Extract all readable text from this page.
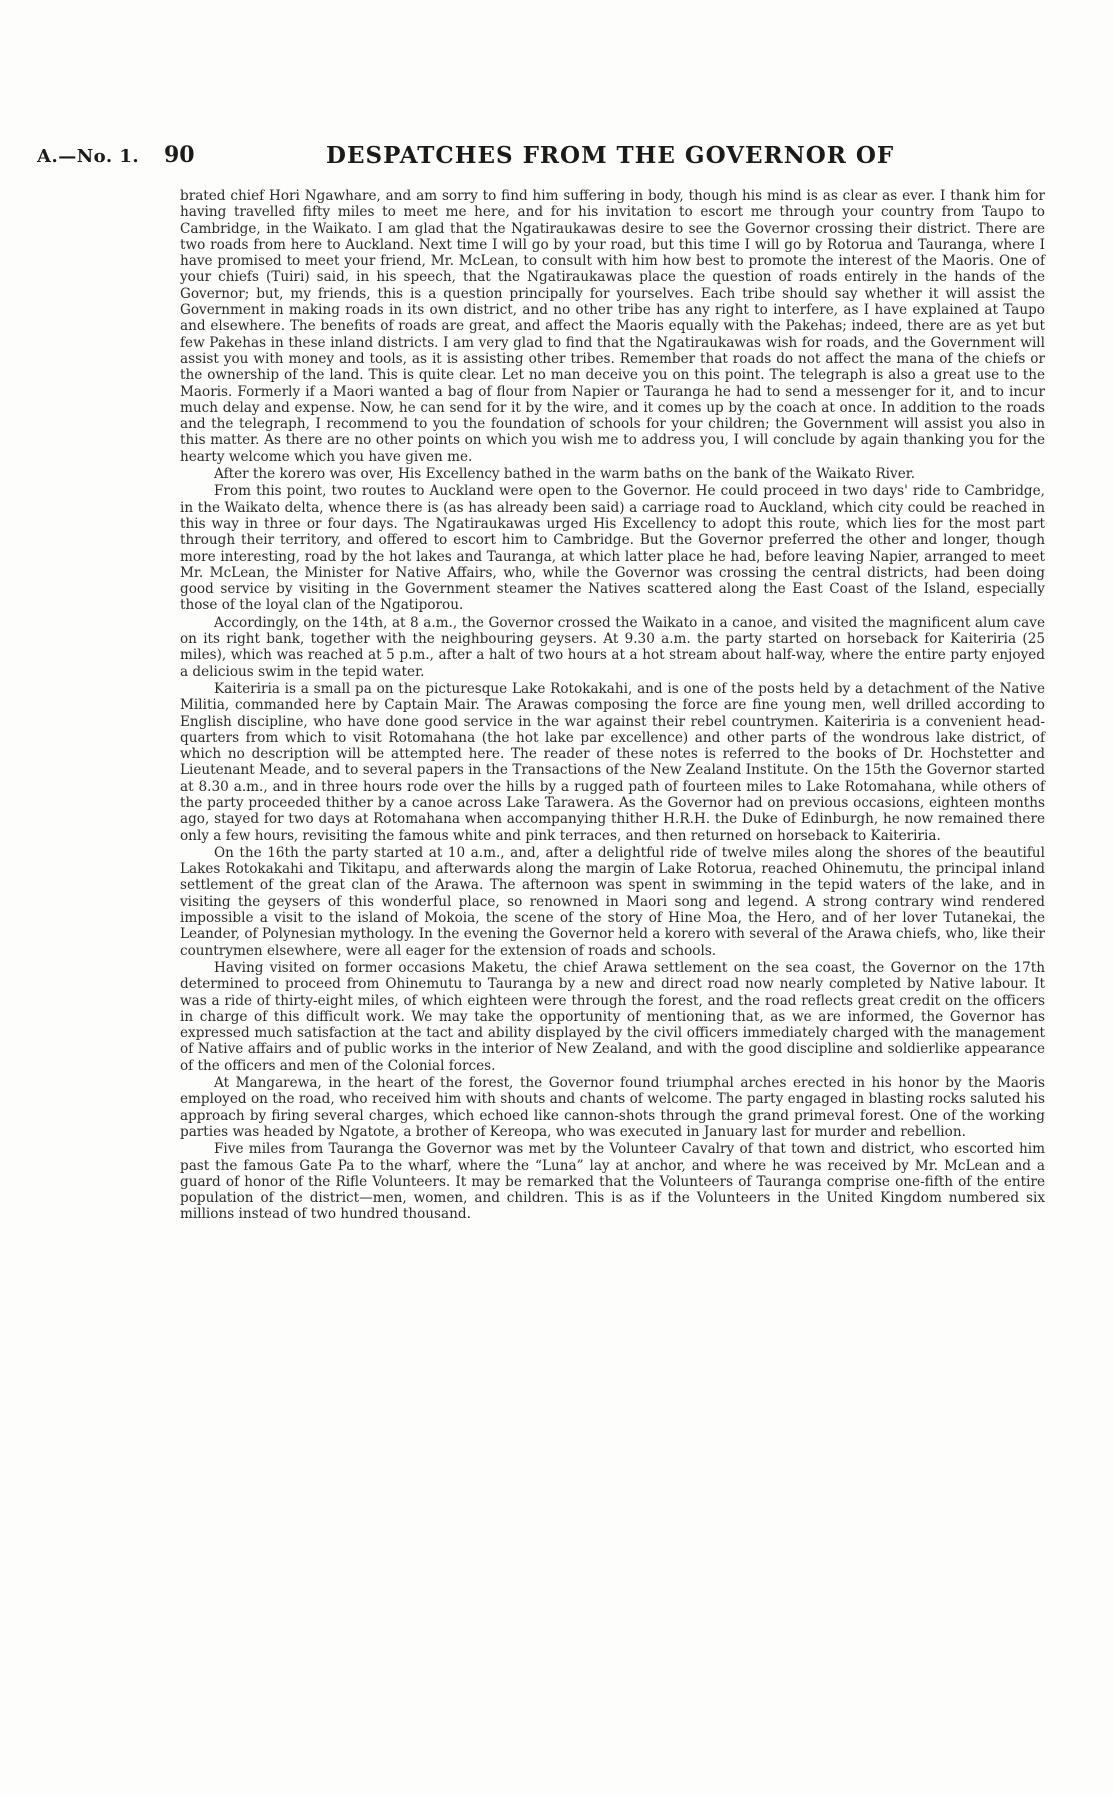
A.—No. 1. 90	DESPATCHES FROM THE GOVERNOR OF

brated chief Hori Ngawhare, and am sorry to find him suffering in body, though his mind is as clear as ever. I thank him for having travelled fifty miles to meet me here, and for his invitation to escort me through your country from Taupo to Cambridge, in the Waikato. I am glad that the Ngatiraukawas desire to see the Governor crossing their district. There are two roads from here to Auckland. Next time I will go by your road, but this time I will go by Rotorua and Tauranga, where I have promised to meet your friend, Mr. McLean, to consult with him how best to promote the interest of the Maoris. One of your chiefs (Tuiri) said, in his speech, that the Ngatiraukawas place the question of roads entirely in the hands of the Governor; but, my friends, this is a question principally for yourselves. Each tribe should say whether it will assist the Government in making roads in its own district, and no other tribe has any right to interfere, as I have explained at Taupo and elsewhere. The benefits of roads are great, and affect the Maoris equally with the Pakehas; indeed, there are as yet but few Pakehas in these inland districts. I am very glad to find that the Ngatiraukawas wish for roads, and the Government will assist you with money and tools, as it is assisting other tribes. Remember that roads do not affect the mana of the chiefs or the ownership of the land. This is quite clear. Let no man deceive you on this point. The telegraph is also a great use to the Maoris. Formerly if a Maori wanted a bag of flour from Napier or Tauranga he had to send a messenger for it, and to incur much delay and expense. Now, he can send for it by the wire, and it comes up by the coach at once. In addition to the roads and the telegraph, I recommend to you the foundation of schools for your children; the Government will assist you also in this matter. As there are no other points on which you wish me to address you, I will conclude by again thanking you for the hearty welcome which you have given me.

After the korero was over, His Excellency bathed in the warm baths on the bank of the Waikato River.

From this point, two routes to Auckland were open to the Governor. He could proceed in two days' ride to Cambridge, in the Waikato delta, whence there is (as has already been said) a carriage road to Auckland, which city could be reached in this way in three or four days. The Ngatiraukawas urged His Excellency to adopt this route, which lies for the most part through their territory, and offered to escort him to Cambridge. But the Governor preferred the other and longer, though more interesting, road by the hot lakes and Tauranga, at which latter place he had, before leaving Napier, arranged to meet Mr. McLean, the Minister for Native Affairs, who, while the Governor was crossing the central districts, had been doing good service by visiting in the Government steamer the Natives scattered along the East Coast of the Island, especially those of the loyal clan of the Ngatiporou.

Accordingly, on the 14th, at 8 a.m., the Governor crossed the Waikato in a canoe, and visited the magnificent alum cave on its right bank, together with the neighbouring geysers. At 9.30 a.m. the party started on horseback for Kaiteriria (25 miles), which was reached at 5 p.m., after a halt of two hours at a hot stream about half-way, where the entire party enjoyed a delicious swim in the tepid water.

Kaiteriria is a small pa on the picturesque Lake Rotokakahi, and is one of the posts held by a detachment of the Native Militia, commanded here by Captain Mair. The Arawas composing the force are fine young men, well drilled according to English discipline, who have done good service in the war against their rebel countrymen. Kaiteriria is a convenient head-quarters from which to visit Rotomahana (the hot lake par excellence) and other parts of the wondrous lake district, of which no description will be attempted here. The reader of these notes is referred to the books of Dr. Hochstetter and Lieutenant Meade, and to several papers in the Transactions of the New Zealand Institute. On the 15th the Governor started at 8.30 a.m., and in three hours rode over the hills by a rugged path of fourteen miles to Lake Rotomahana, while others of the party proceeded thither by a canoe across Lake Tarawera. As the Governor had on previous occasions, eighteen months ago, stayed for two days at Rotomahana when accompanying thither H.R.H. the Duke of Edinburgh, he now remained there only a few hours, revisiting the famous white and pink terraces, and then returned on horseback to Kaiteriria.

On the 16th the party started at 10 a.m., and, after a delightful ride of twelve miles along the shores of the beautiful Lakes Rotokakahi and Tikitapu, and afterwards along the margin of Lake Rotorua, reached Ohinemutu, the principal inland settlement of the great clan of the Arawa. The afternoon was spent in swimming in the tepid waters of the lake, and in visiting the geysers of this wonderful place, so renowned in Maori song and legend. A strong contrary wind rendered impossible a visit to the island of Mokoia, the scene of the story of Hine Moa, the Hero, and of her lover Tutanekai, the Leander, of Polynesian mythology. In the evening the Governor held a korero with several of the Arawa chiefs, who, like their countrymen elsewhere, were all eager for the extension of roads and schools.

Having visited on former occasions Maketu, the chief Arawa settlement on the sea coast, the Governor on the 17th determined to proceed from Ohinemutu to Tauranga by a new and direct road now nearly completed by Native labour. It was a ride of thirty-eight miles, of which eighteen were through the forest, and the road reflects great credit on the officers in charge of this difficult work. We may take the opportunity of mentioning that, as we are informed, the Governor has expressed much satisfaction at the tact and ability displayed by the civil officers immediately charged with the management of Native affairs and of public works in the interior of New Zealand, and with the good discipline and soldierlike appearance of the officers and men of the Colonial forces.

At Mangarewa, in the heart of the forest, the Governor found triumphal arches erected in his honor by the Maoris employed on the road, who received him with shouts and chants of welcome. The party engaged in blasting rocks saluted his approach by firing several charges, which echoed like cannon-shots through the grand primeval forest. One of the working parties was headed by Ngatote, a brother of Kereopa, who was executed in January last for murder and rebellion.

Five miles from Tauranga the Governor was met by the Volunteer Cavalry of that town and district, who escorted him past the famous Gate Pa to the wharf, where the “Luna” lay at anchor, and where he was received by Mr. McLean and a guard of honor of the Rifle Volunteers. It may be remarked that the Volunteers of Tauranga comprise one-fifth of the entire population of the district—men, women, and children. This is as if the Volunteers in the United Kingdom numbered six millions instead of two hundred thousand.
